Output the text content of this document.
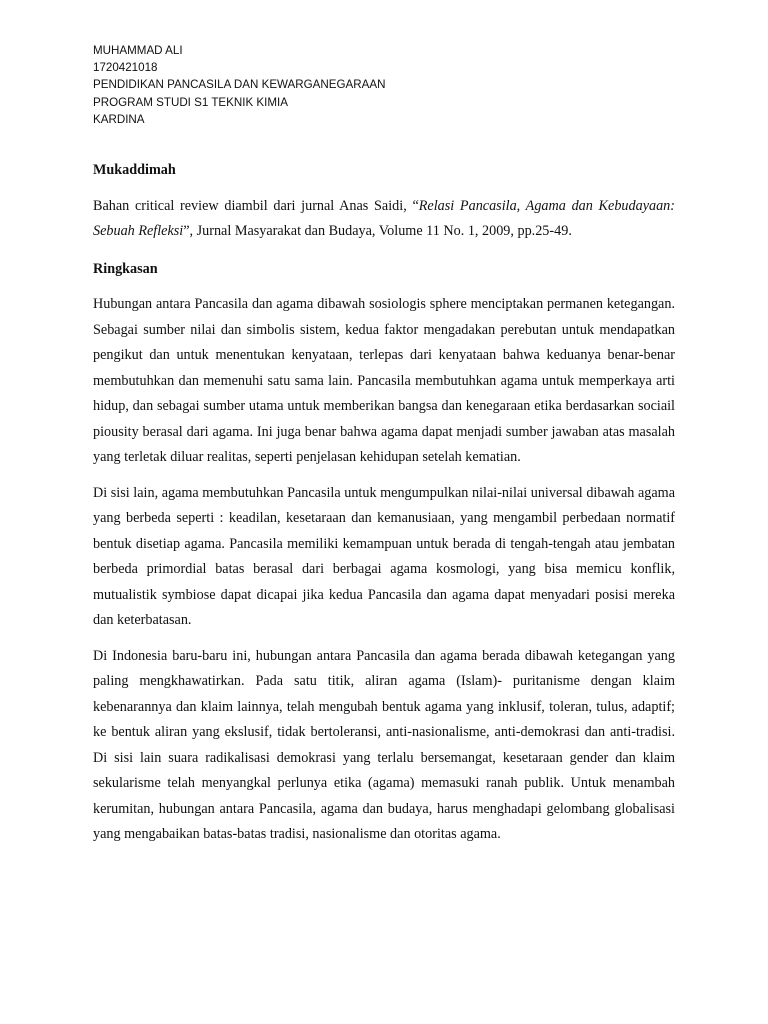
MUHAMMAD ALI
1720421018
PENDIDIKAN PANCASILA DAN KEWARGANEGARAAN
PROGRAM STUDI S1 TEKNIK KIMIA
KARDINA
Mukaddimah

Bahan critical review diambil dari jurnal Anas Saidi, “Relasi Pancasila, Agama dan Kebudayaan: Sebuah Refleksi”, Jurnal Masyarakat dan Budaya, Volume 11 No. 1, 2009, pp.25-49.

Ringkasan

Hubungan antara Pancasila dan agama dibawah sosiologis sphere menciptakan permanen ketegangan. Sebagai sumber nilai dan simbolis sistem, kedua faktor mengadakan perebutan untuk mendapatkan pengikut dan untuk menentukan kenyataan, terlepas dari kenyataan bahwa keduanya benar-benar membutuhkan dan memenuhi satu sama lain. Pancasila membutuhkan agama untuk memperkaya arti hidup, dan sebagai sumber utama untuk memberikan bangsa dan kenegaraan etika berdasarkan sociail piousity berasal dari agama. Ini juga benar bahwa agama dapat menjadi sumber jawaban atas masalah yang terletak diluar realitas, seperti penjelasan kehidupan setelah kematian.

Di sisi lain, agama membutuhkan Pancasila untuk mengumpulkan nilai-nilai universal dibawah agama yang berbeda seperti : keadilan, kesetaraan dan kemanusiaan, yang mengambil perbedaan normatif bentuk disetiap agama. Pancasila memiliki kemampuan untuk berada di tengah-tengah atau jembatan berbeda primordial batas berasal dari berbagai agama kosmologi, yang bisa memicu konflik, mutualistik symbiose dapat dicapai jika kedua Pancasila dan agama dapat menyadari posisi mereka dan keterbatasan.

Di Indonesia baru-baru ini, hubungan antara Pancasila dan agama berada dibawah ketegangan yang paling mengkhawatirkan. Pada satu titik, aliran agama (Islam)- puritanisme dengan klaim kebenarannya dan klaim lainnya, telah mengubah bentuk agama yang inklusif, toleran, tulus, adaptif; ke bentuk aliran yang ekslusif, tidak bertoleransi, anti-nasionalisme, anti-demokrasi dan anti-tradisi. Di sisi lain suara radikalisasi demokrasi yang terlalu bersemangat, kesetaraan gender dan klaim sekularisme telah menyangkal perlunya etika (agama) memasuki ranah publik. Untuk menambah kerumitan, hubungan antara Pancasila, agama dan budaya, harus menghadapi gelombang globalisasi yang mengabaikan batas-batas tradisi, nasionalisme dan otoritas agama.
